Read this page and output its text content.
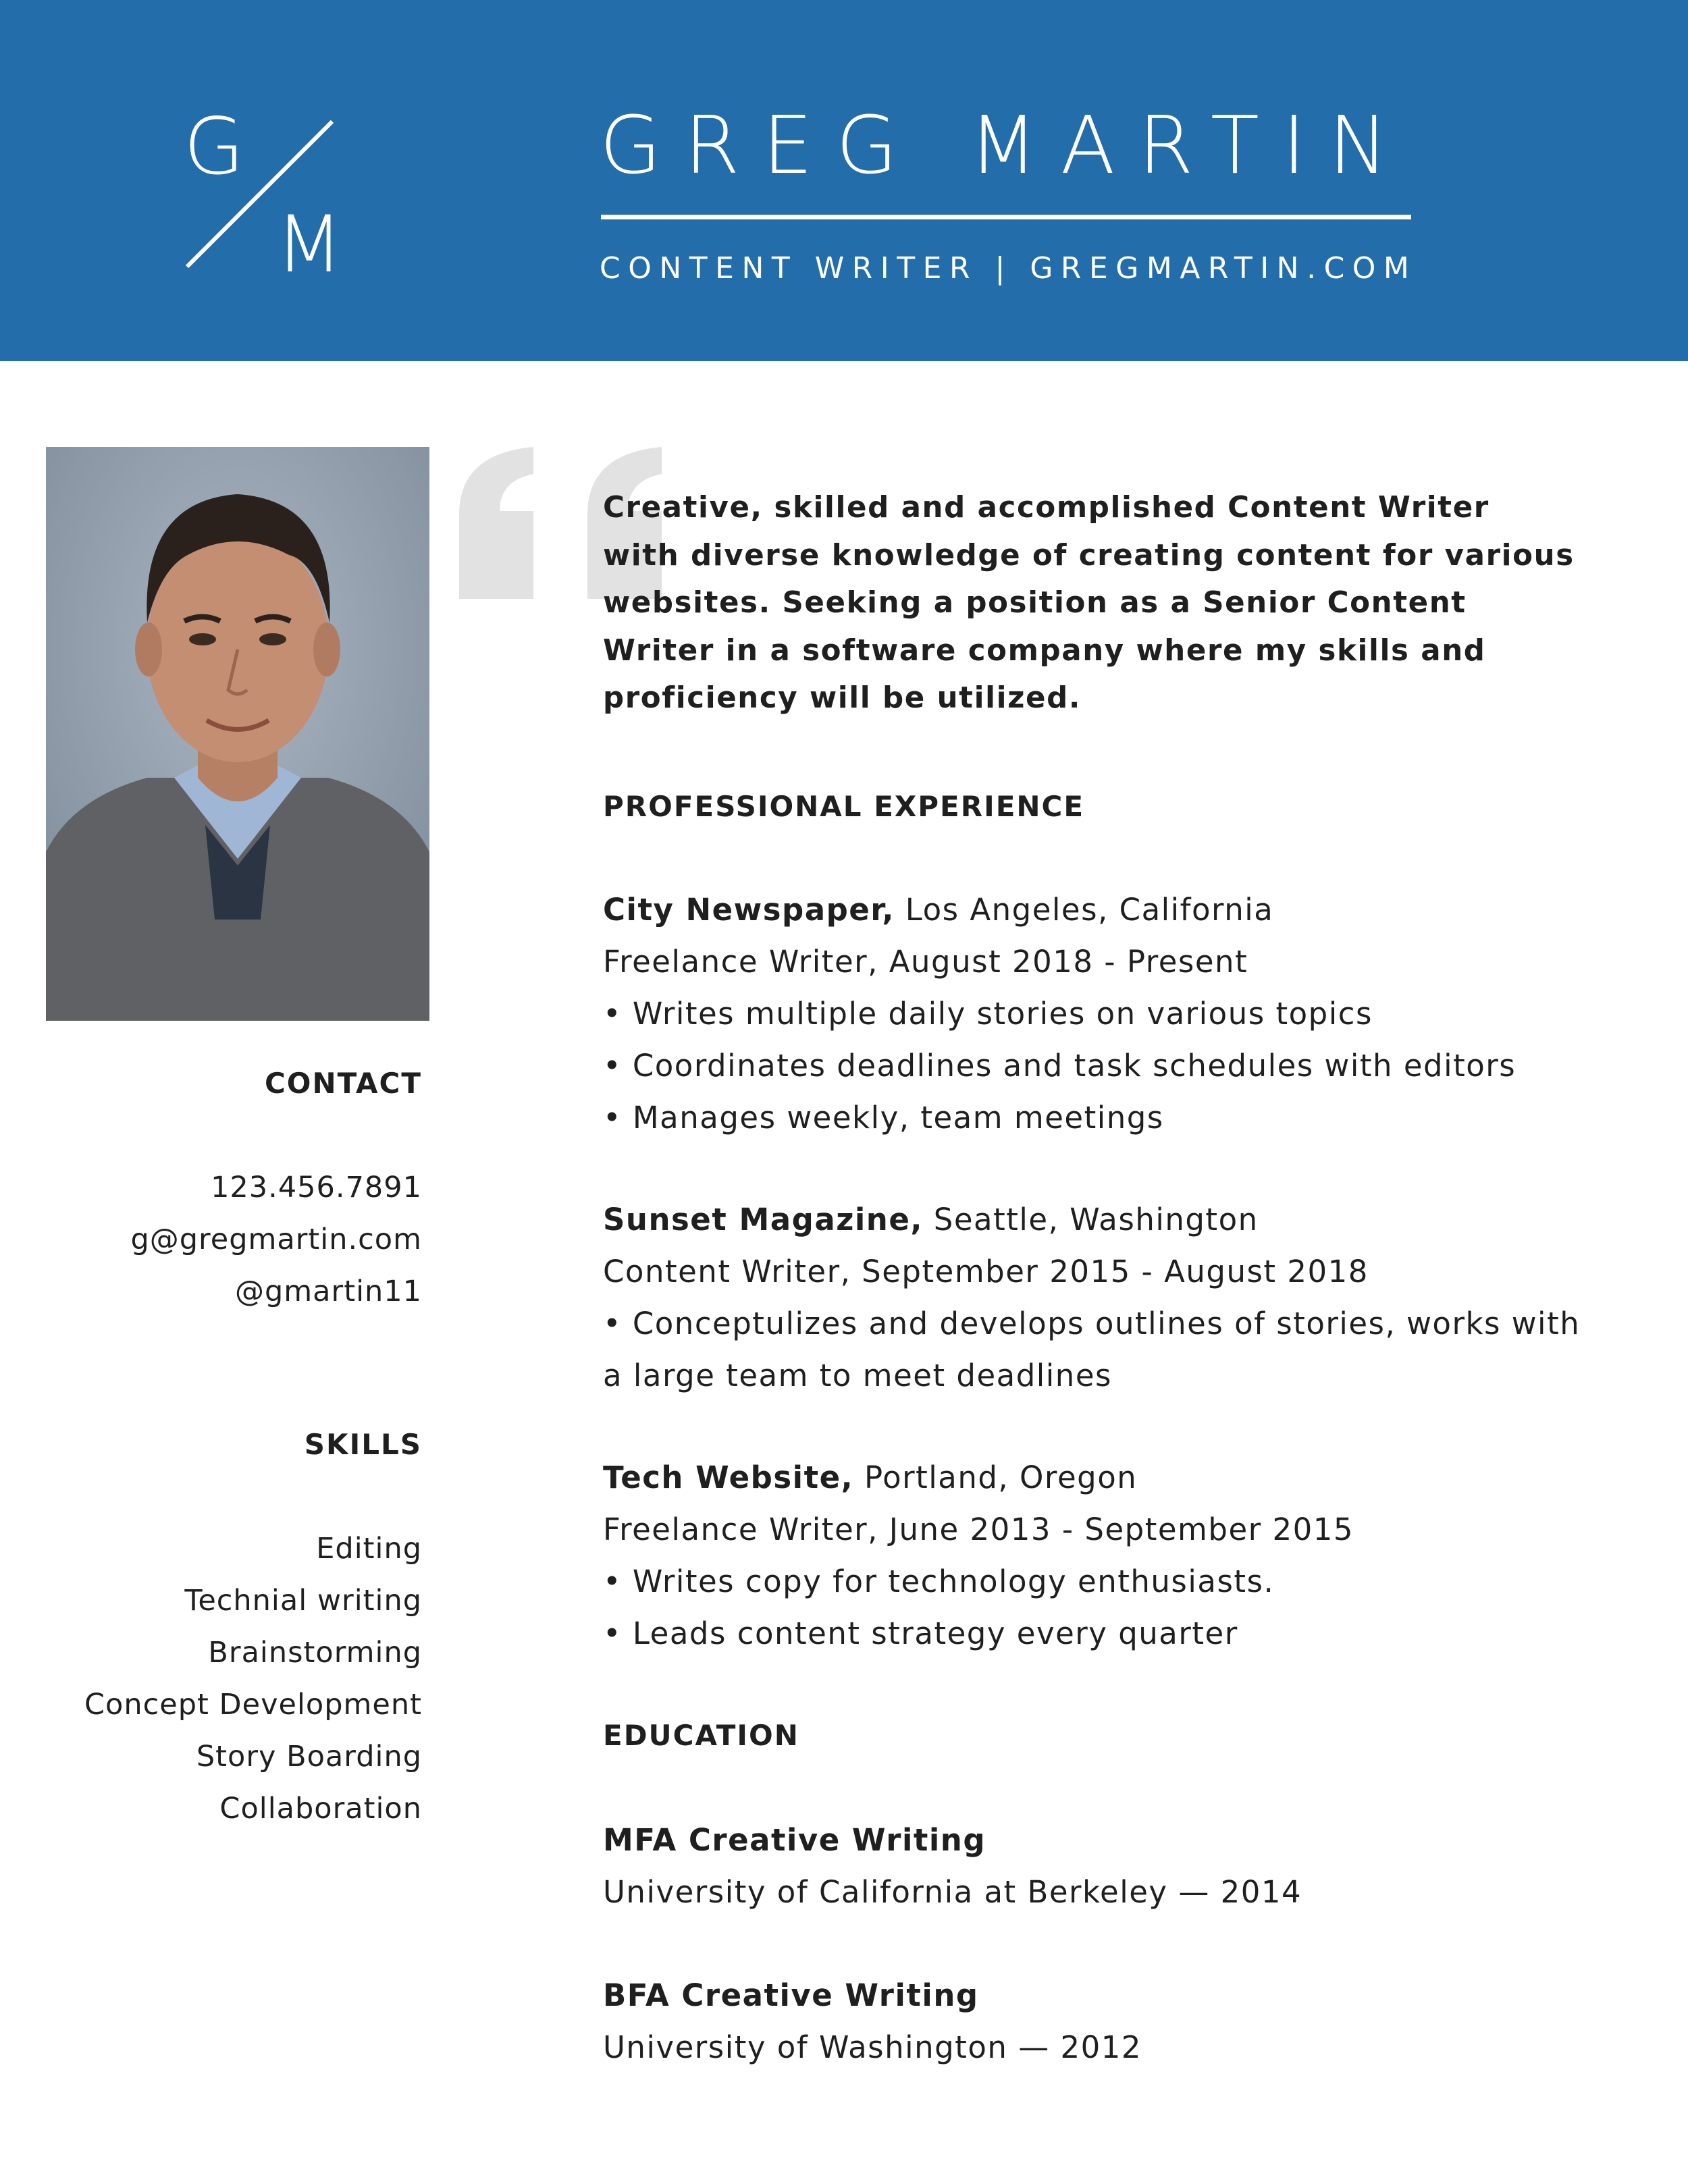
G
M
GREG MARTIN
CONTENT WRITER | GREGMARTIN.COM
Creative, skilled and accomplished Content Writer with diverse knowledge of creating content for various websites. Seeking a position as a Senior Content Writer in a software company where my skills and proficiency will be utilized.
CONTACT
123.456.7891
g@gregmartin.com
@gmartin11
SKILLS
Editing
Technial writing
Brainstorming
Concept Development
Story Boarding
Collaboration
PROFESSIONAL EXPERIENCE
City Newspaper, Los Angeles, California
Freelance Writer, August 2018 - Present
• Writes multiple daily stories on various topics
• Coordinates deadlines and task schedules with editors
• Manages weekly, team meetings
Sunset Magazine, Seattle, Washington
Content Writer, September 2015 - August 2018
• Conceptulizes and develops outlines of stories, works with
a large team to meet deadlines
Tech Website, Portland, Oregon
Freelance Writer, June 2013 - September 2015
• Writes copy for technology enthusiasts.
• Leads content strategy every quarter
EDUCATION
MFA Creative Writing
University of California at Berkeley — 2014
BFA Creative Writing
University of Washington — 2012
